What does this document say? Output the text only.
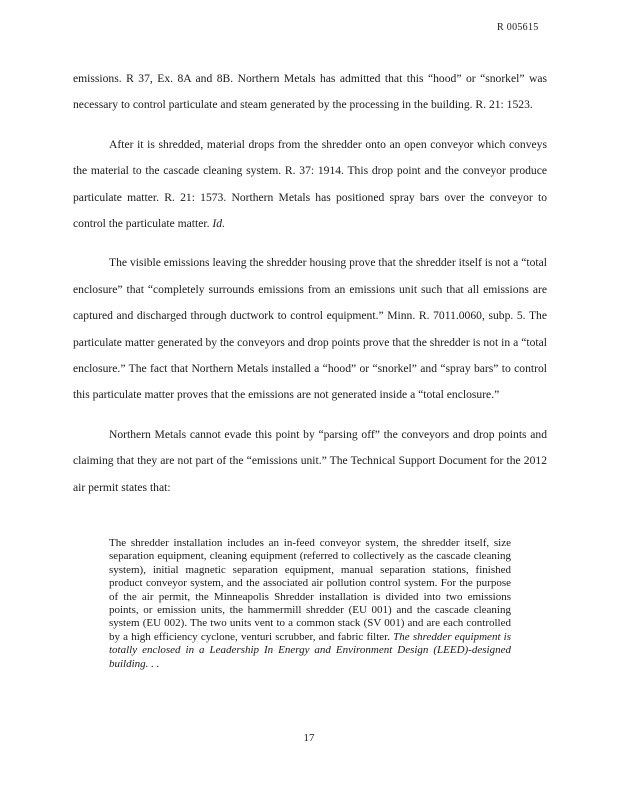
R 005615

emissions. R 37, Ex. 8A and 8B. Northern Metals has admitted that this “hood” or “snorkel” was necessary to control particulate and steam generated by the processing in the building. R. 21: 1523.

After it is shredded, material drops from the shredder onto an open conveyor which conveys the material to the cascade cleaning system. R. 37: 1914. This drop point and the conveyor produce particulate matter. R. 21: 1573. Northern Metals has positioned spray bars over the conveyor to control the particulate matter. Id.

The visible emissions leaving the shredder housing prove that the shredder itself is not a “total enclosure” that “completely surrounds emissions from an emissions unit such that all emissions are captured and discharged through ductwork to control equipment.” Minn. R. 7011.0060, subp. 5. The particulate matter generated by the conveyors and drop points prove that the shredder is not in a “total enclosure.” The fact that Northern Metals installed a “hood” or “snorkel” and “spray bars” to control this particulate matter proves that the emissions are not generated inside a “total enclosure.”

Northern Metals cannot evade this point by “parsing off” the conveyors and drop points and claiming that they are not part of the “emissions unit.” The Technical Support Document for the 2012 air permit states that:

The shredder installation includes an in-feed conveyor system, the shredder itself, size separation equipment, cleaning equipment (referred to collectively as the cascade cleaning system), initial magnetic separation equipment, manual separation stations, finished product conveyor system, and the associated air pollution control system. For the purpose of the air permit, the Minneapolis Shredder installation is divided into two emissions points, or emission units, the hammermill shredder (EU 001) and the cascade cleaning system (EU 002). The two units vent to a common stack (SV 001) and are each controlled by a high efficiency cyclone, venturi scrubber, and fabric filter. The shredder equipment is totally enclosed in a Leadership In Energy and Environment Design (LEED)-designed building. . .
17
